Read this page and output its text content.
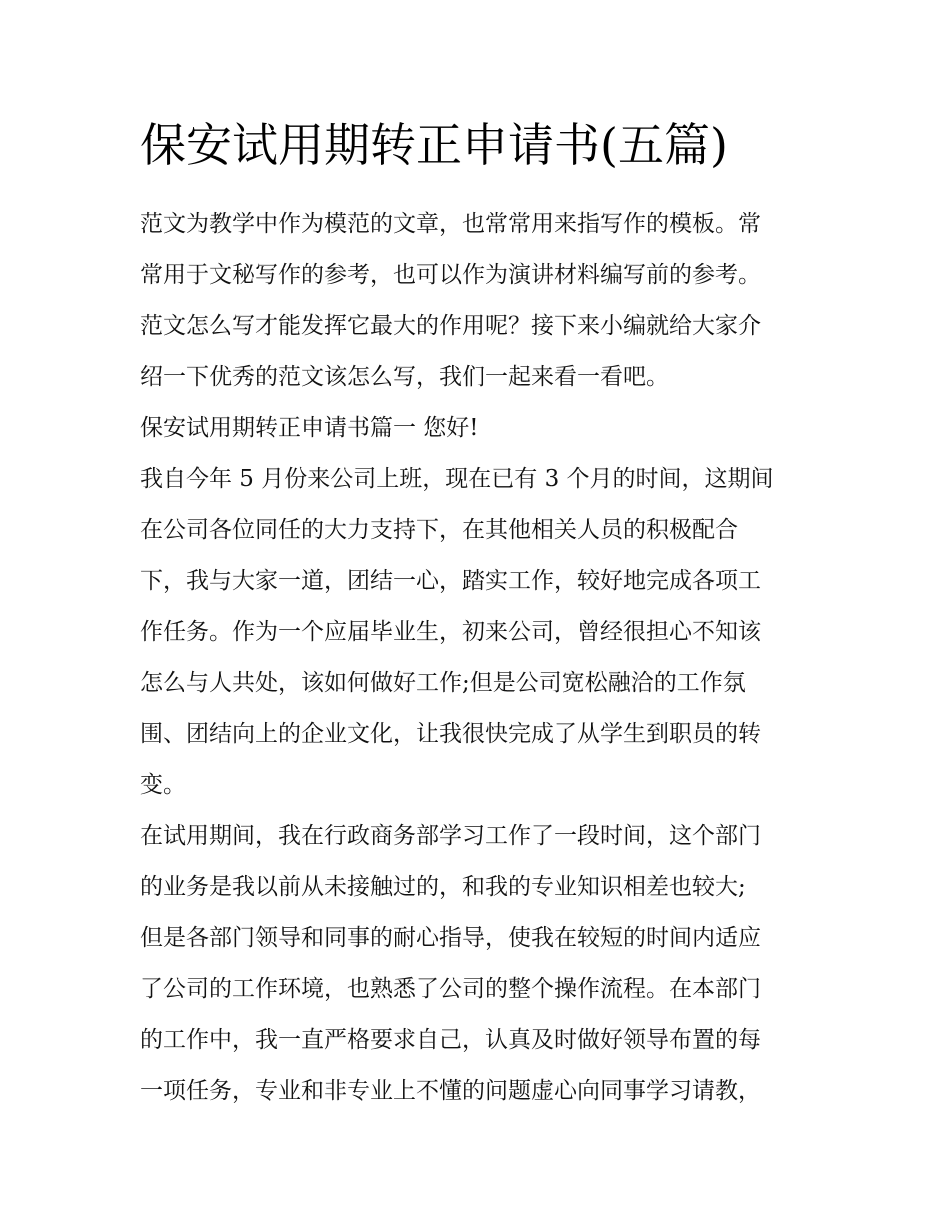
保安试用期转正申请书(五篇)
范文为教学中作为模范的文章，也常常用来指写作的模板。常
常用于文秘写作的参考，也可以作为演讲材料编写前的参考。
范文怎么写才能发挥它最大的作用呢？接下来小编就给大家介
绍一下优秀的范文该怎么写，我们一起来看一看吧。
保安试用期转正申请书篇一 您好!
我自今年 5 月份来公司上班，现在已有 3 个月的时间，这期间
在公司各位同任的大力支持下，在其他相关人员的积极配合
下，我与大家一道，团结一心，踏实工作，较好地完成各项工
作任务。作为一个应届毕业生，初来公司，曾经很担心不知该
怎么与人共处，该如何做好工作;但是公司宽松融洽的工作氛
围、团结向上的企业文化，让我很快完成了从学生到职员的转
变。
在试用期间，我在行政商务部学习工作了一段时间，这个部门
的业务是我以前从未接触过的，和我的专业知识相差也较大;
但是各部门领导和同事的耐心指导，使我在较短的时间内适应
了公司的工作环境，也熟悉了公司的整个操作流程。在本部门
的工作中，我一直严格要求自己，认真及时做好领导布置的每
一项任务，专业和非专业上不懂的问题虚心向同事学习请教，
